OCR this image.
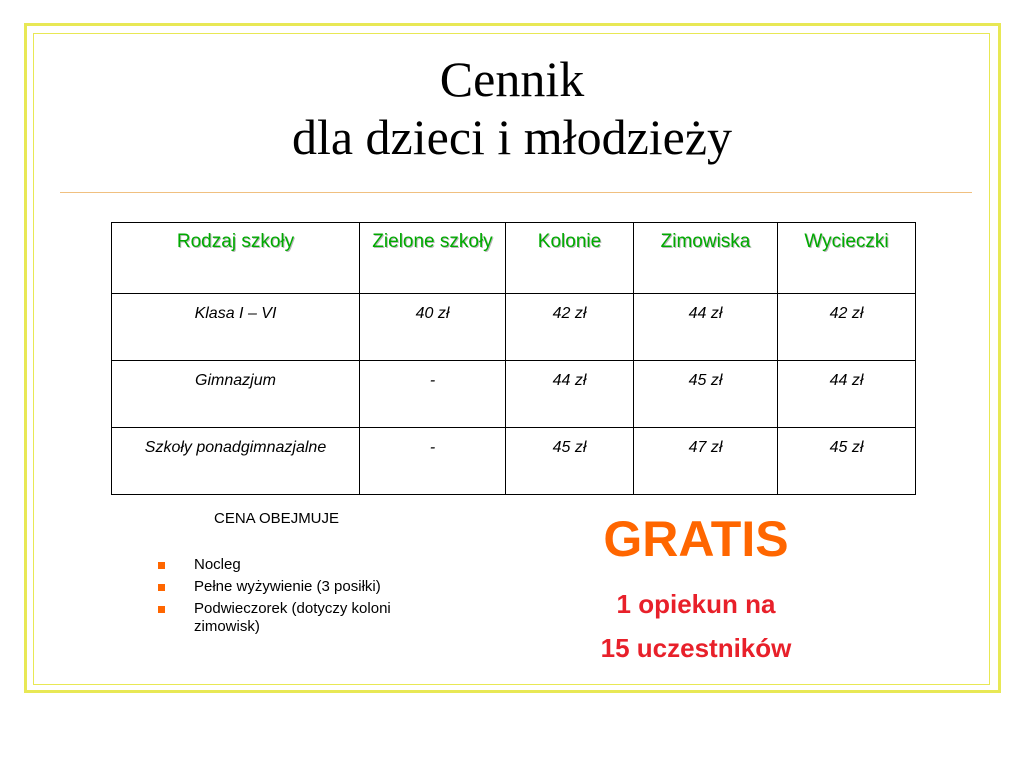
Cennik
dla dzieci i młodzieży
Rodzaj szkoły	Zielone szkoły	Kolonie	Zimowiska	Wycieczki
Klasa I – VI	40 zł	42 zł	44 zł	42 zł
Gimnazjum	-	44 zł	45 zł	44 zł
Szkoły ponadgimnazjalne	-	45 zł	47 zł	45 zł
CENA OBEJMUJE
Nocleg
Pełne wyżywienie (3 posiłki)
Podwieczorek (dotyczy koloni zimowisk)
GRATIS
1 opiekun na
15 uczestników
